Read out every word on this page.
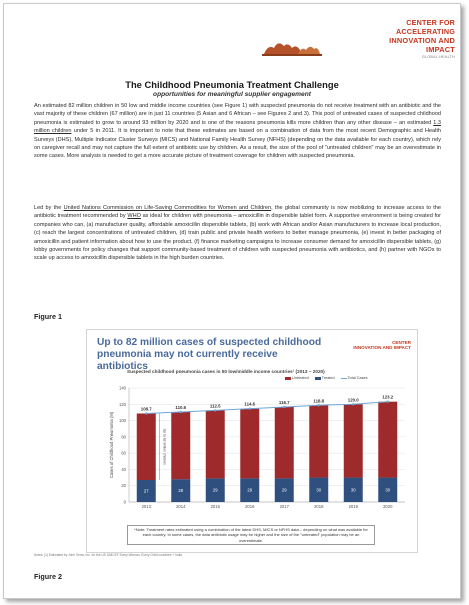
CENTER FOR ACCELERATING
INNOVATION AND IMPACT
GLOBAL HEALTH
The Childhood Pneumonia Treatment Challenge
opportunities for meaningful supplier engagement
An estimated 82 million children in 50 low and middle income countries (see Figure 1) with suspected pneumonia do not receive treatment with an antibiotic and the vast majority of these children (67 million) are in just 11 countries (5 Asian and 6 African – see Figures 2 and 3). This pool of untreated cases of suspected childhood pneumonia is estimated to grow to around 93 million by 2020 and is one of the reasons pneumonia kills more children than any other disease – an estimated 1.3 million children under 5 in 2011. It is important to note that these estimates are based on a combination of data from the most recent Demographic and Health Surveys (DHS), Multiple Indicator Cluster Surveys (MICS) and National Family Health Survey (NFHS) (depending on the data available for each country), which rely on caregiver recall and may not capture the full extent of antibiotic use by children. As a result, the size of the pool of "untreated children" may be an overestimate in some cases. More analysis is needed to get a more accurate picture of treatment coverage for children with suspected pneumonia.
Led by the United Nations Commission on Life-Saving Commodities for Women and Children, the global community is now mobilizing to increase access to the antibiotic treatment recommended by WHO as ideal for children with pneumonia – amoxicillin in dispersible tablet form. A supportive environment is being created for companies who can, (a) manufacturer quality, affordable amoxicillin dispersible tablets, (b) work with African and/or Asian manufacturers to increase local production, (c) reach the largest concentrations of untreated children, (d) train public and private health workers to better manage pneumonia, (e) invest in better packaging of amoxicillin and patient information about how to use the product, (f) finance marketing campaigns to increase consumer demand for amoxicillin dispersible tablets, (g) lobby governments for policy changes that support community-based treatment of children with suspected pneumonia with antibiotics, and (h) partner with NGOs to scale up access to amoxicillin dispersible tablets in the high burden countries.
Figure 1
Up to 82 million cases of suspected childhood pneumonia may not currently receive antibiotics
CENTER
INNOVATION AND IMPACT
Suspected childhood pneumonia cases in 50 low/middle income countries¹ (2013 – 2020)
Untreated	Treated	Total Cases
0
20
40
60
80
100
120
140
Cases of Childhood Pneumonia (M)
27
108.7
2013
28
110.6
2014
29
112.5
2015
29
114.6
2016
29
116.7
2017
30
118.8
2018
30
120.0
2019
30
123.2
2020
Up to 82 million children
*Note: Treatment rates estimated using a combination of the latest DHS, MICS or NFHS data – depending on what was available for each country. In some cases, the data antibiotic usage may be higher and the size of the "untreated" population may be an overestimate.
Notes: (1) Estimated by John Snow, Inc. for the US UNICEF Every Woman, Every Child countries + India
Figure 2
